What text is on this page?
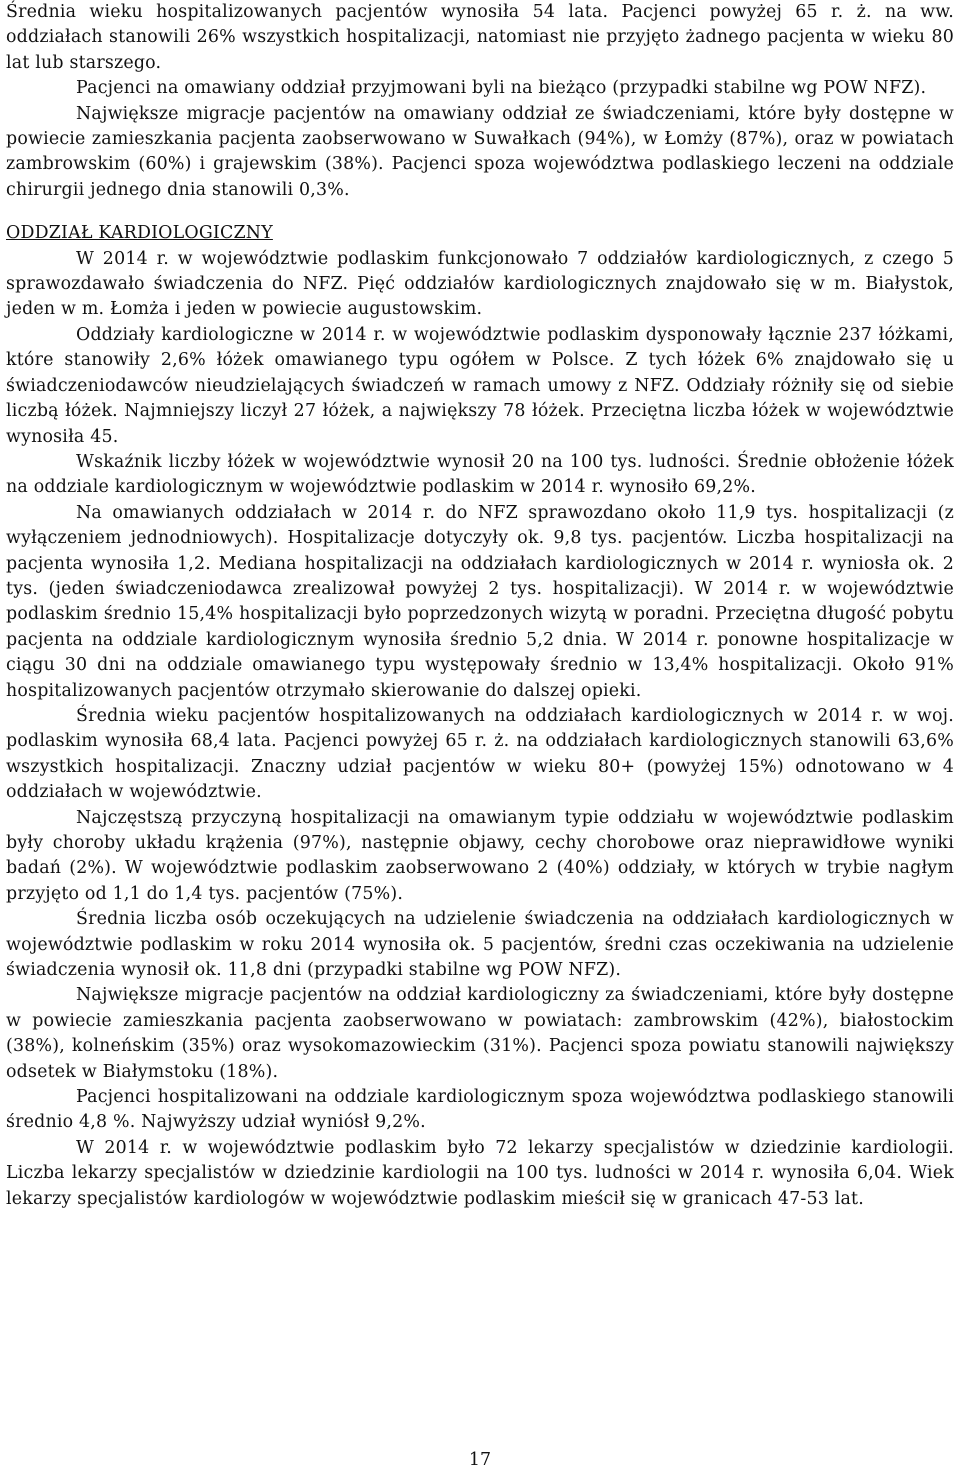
Średnia wieku hospitalizowanych pacjentów wynosiła 54 lata. Pacjenci powyżej 65 r. ż. na ww. oddziałach stanowili 26% wszystkich hospitalizacji, natomiast nie przyjęto żadnego pacjenta w wieku 80 lat lub starszego.

Pacjenci na omawiany oddział przyjmowani byli na bieżąco (przypadki stabilne wg POW NFZ).

Największe migracje pacjentów na omawiany oddział ze świadczeniami, które były dostępne w powiecie zamieszkania pacjenta zaobserwowano w Suwałkach (94%), w Łomży (87%), oraz w powiatach zambrowskim (60%) i grajewskim (38%). Pacjenci spoza województwa podlaskiego leczeni na oddziale chirurgii jednego dnia stanowili 0,3%.

ODDZIAŁ KARDIOLOGICZNY

W 2014 r. w województwie podlaskim funkcjonowało 7 oddziałów kardiologicznych, z czego 5 sprawozdawało świadczenia do NFZ. Pięć oddziałów kardiologicznych znajdowało się w m. Białystok, jeden w m. Łomża i jeden w powiecie augustowskim.

Oddziały kardiologiczne w 2014 r. w województwie podlaskim dysponowały łącznie 237 łóżkami, które stanowiły 2,6% łóżek omawianego typu ogółem w Polsce. Z tych łóżek 6% znajdowało się u świadczeniodawców nieudzielających świadczeń w ramach umowy z NFZ. Oddziały różniły się od siebie liczbą łóżek. Najmniejszy liczył 27 łóżek, a największy 78 łóżek. Przeciętna liczba łóżek w województwie wynosiła 45.

Wskaźnik liczby łóżek w województwie wynosił 20 na 100 tys. ludności. Średnie obłożenie łóżek na oddziale kardiologicznym w województwie podlaskim w 2014 r. wynosiło 69,2%.

Na omawianych oddziałach w 2014 r. do NFZ sprawozdano około 11,9 tys. hospitalizacji (z wyłączeniem jednodniowych). Hospitalizacje dotyczyły ok. 9,8 tys. pacjentów. Liczba hospitalizacji na pacjenta wynosiła 1,2. Mediana hospitalizacji na oddziałach kardiologicznych w 2014 r. wyniosła ok. 2 tys. (jeden świadczeniodawca zrealizował powyżej 2 tys. hospitalizacji). W 2014 r. w województwie podlaskim średnio 15,4% hospitalizacji było poprzedzonych wizytą w poradni. Przeciętna długość pobytu pacjenta na oddziale kardiologicznym wynosiła średnio 5,2 dnia. W 2014 r. ponowne hospitalizacje w ciągu 30 dni na oddziale omawianego typu występowały średnio w 13,4% hospitalizacji. Około 91% hospitalizowanych pacjentów otrzymało skierowanie do dalszej opieki.

Średnia wieku pacjentów hospitalizowanych na oddziałach kardiologicznych w 2014 r. w woj. podlaskim wynosiła 68,4 lata. Pacjenci powyżej 65 r. ż. na oddziałach kardiologicznych stanowili 63,6% wszystkich hospitalizacji. Znaczny udział pacjentów w wieku 80+ (powyżej 15%) odnotowano w 4 oddziałach w województwie.

Najczęstszą przyczyną hospitalizacji na omawianym typie oddziału w województwie podlaskim były choroby układu krążenia (97%), następnie objawy, cechy chorobowe oraz nieprawidłowe wyniki badań (2%). W województwie podlaskim zaobserwowano 2 (40%) oddziały, w których w trybie nagłym przyjęto od 1,1 do 1,4 tys. pacjentów (75%).

Średnia liczba osób oczekujących na udzielenie świadczenia na oddziałach kardiologicznych w województwie podlaskim w roku 2014 wynosiła ok. 5 pacjentów, średni czas oczekiwania na udzielenie świadczenia wynosił ok. 11,8 dni (przypadki stabilne wg POW NFZ).

Największe migracje pacjentów na oddział kardiologiczny za świadczeniami, które były dostępne w powiecie zamieszkania pacjenta zaobserwowano w powiatach: zambrowskim (42%), białostockim (38%), kolneńskim (35%) oraz wysokomazowieckim (31%). Pacjenci spoza powiatu stanowili największy odsetek w Białymstoku (18%).

Pacjenci hospitalizowani na oddziale kardiologicznym spoza województwa podlaskiego stanowili średnio 4,8 %. Najwyższy udział wyniósł 9,2%.

W 2014 r. w województwie podlaskim było 72 lekarzy specjalistów w dziedzinie kardiologii. Liczba lekarzy specjalistów w dziedzinie kardiologii na 100 tys. ludności w 2014 r. wynosiła 6,04. Wiek lekarzy specjalistów kardiologów w województwie podlaskim mieścił się w granicach 47-53 lat.

17
